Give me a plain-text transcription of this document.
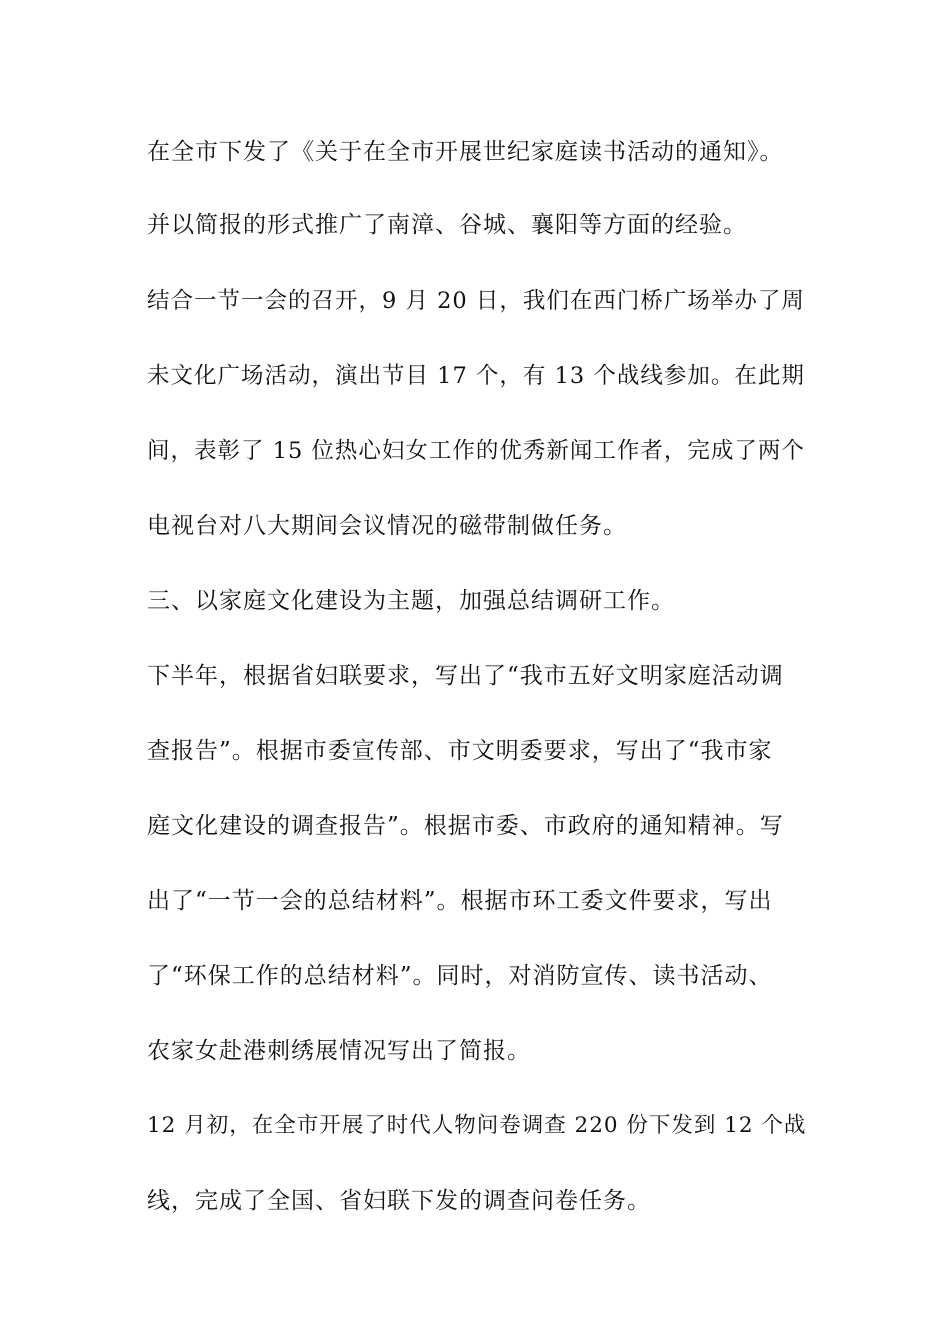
在全市下发了《关于在全市开展世纪家庭读书活动的通知》。
并以简报的形式推广了南漳、谷城、襄阳等方面的经验。
结合一节一会的召开，9 月 20 日，我们在西门桥广场举办了周
未文化广场活动，演出节目 17 个，有 13 个战线参加。在此期
间，表彰了 15 位热心妇女工作的优秀新闻工作者，完成了两个
电视台对八大期间会议情况的磁带制做任务。
三、以家庭文化建设为主题，加强总结调研工作。
下半年，根据省妇联要求，写出了“我市五好文明家庭活动调
查报告”。根据市委宣传部、市文明委要求，写出了“我市家
庭文化建设的调查报告”。根据市委、市政府的通知精神。写
出了“一节一会的总结材料”。根据市环工委文件要求，写出
了“环保工作的总结材料”。同时，对消防宣传、读书活动、
农家女赴港刺绣展情况写出了简报。
12 月初，在全市开展了时代人物问卷调查 220 份下发到 12 个战
线，完成了全国、省妇联下发的调查问卷任务。
